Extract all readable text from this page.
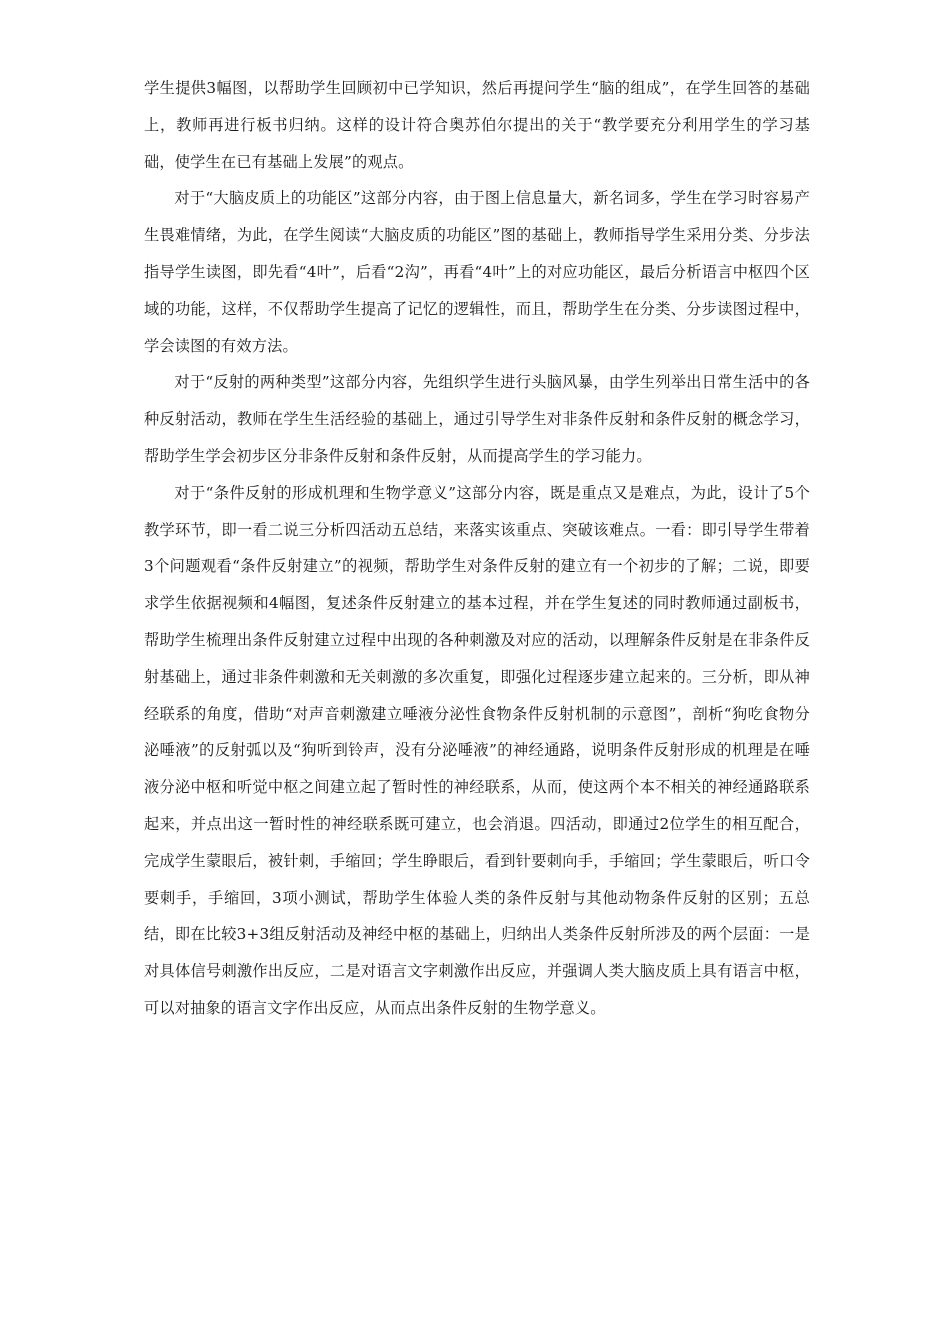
学生提供3幅图，以帮助学生回顾初中已学知识，然后再提问学生“脑的组成”，在学生回答的基础上，教师再进行板书归纳。这样的设计符合奥苏伯尔提出的关于“教学要充分利用学生的学习基础，使学生在已有基础上发展”的观点。

对于“大脑皮质上的功能区”这部分内容，由于图上信息量大，新名词多，学生在学习时容易产生畏难情绪，为此，在学生阅读“大脑皮质的功能区”图的基础上，教师指导学生采用分类、分步法指导学生读图，即先看“4叶”，后看“2沟”，再看“4叶”上的对应功能区，最后分析语言中枢四个区域的功能，这样，不仅帮助学生提高了记忆的逻辑性，而且，帮助学生在分类、分步读图过程中，学会读图的有效方法。

对于“反射的两种类型”这部分内容，先组织学生进行头脑风暴，由学生列举出日常生活中的各种反射活动，教师在学生生活经验的基础上，通过引导学生对非条件反射和条件反射的概念学习，帮助学生学会初步区分非条件反射和条件反射，从而提高学生的学习能力。

对于“条件反射的形成机理和生物学意义”这部分内容，既是重点又是难点，为此，设计了5个教学环节，即一看二说三分析四活动五总结，来落实该重点、突破该难点。一看：即引导学生带着3个问题观看“条件反射建立”的视频，帮助学生对条件反射的建立有一个初步的了解；二说，即要求学生依据视频和4幅图，复述条件反射建立的基本过程，并在学生复述的同时教师通过副板书，帮助学生梳理出条件反射建立过程中出现的各种刺激及对应的活动，以理解条件反射是在非条件反射基础上，通过非条件刺激和无关刺激的多次重复，即强化过程逐步建立起来的。三分析，即从神经联系的角度，借助“对声音刺激建立唾液分泌性食物条件反射机制的示意图”，剖析“狗吃食物分泌唾液”的反射弧以及“狗听到铃声，没有分泌唾液”的神经通路，说明条件反射形成的机理是在唾液分泌中枢和听觉中枢之间建立起了暂时性的神经联系，从而，使这两个本不相关的神经通路联系起来，并点出这一暂时性的神经联系既可建立，也会消退。四活动，即通过2位学生的相互配合，完成学生蒙眼后，被针刺，手缩回；学生睁眼后，看到针要刺向手，手缩回；学生蒙眼后，听口令要刺手，手缩回，3项小测试，帮助学生体验人类的条件反射与其他动物条件反射的区别；五总结，即在比较3+3组反射活动及神经中枢的基础上，归纳出人类条件反射所涉及的两个层面：一是对具体信号刺激作出反应，二是对语言文字刺激作出反应，并强调人类大脑皮质上具有语言中枢，可以对抽象的语言文字作出反应，从而点出条件反射的生物学意义。
